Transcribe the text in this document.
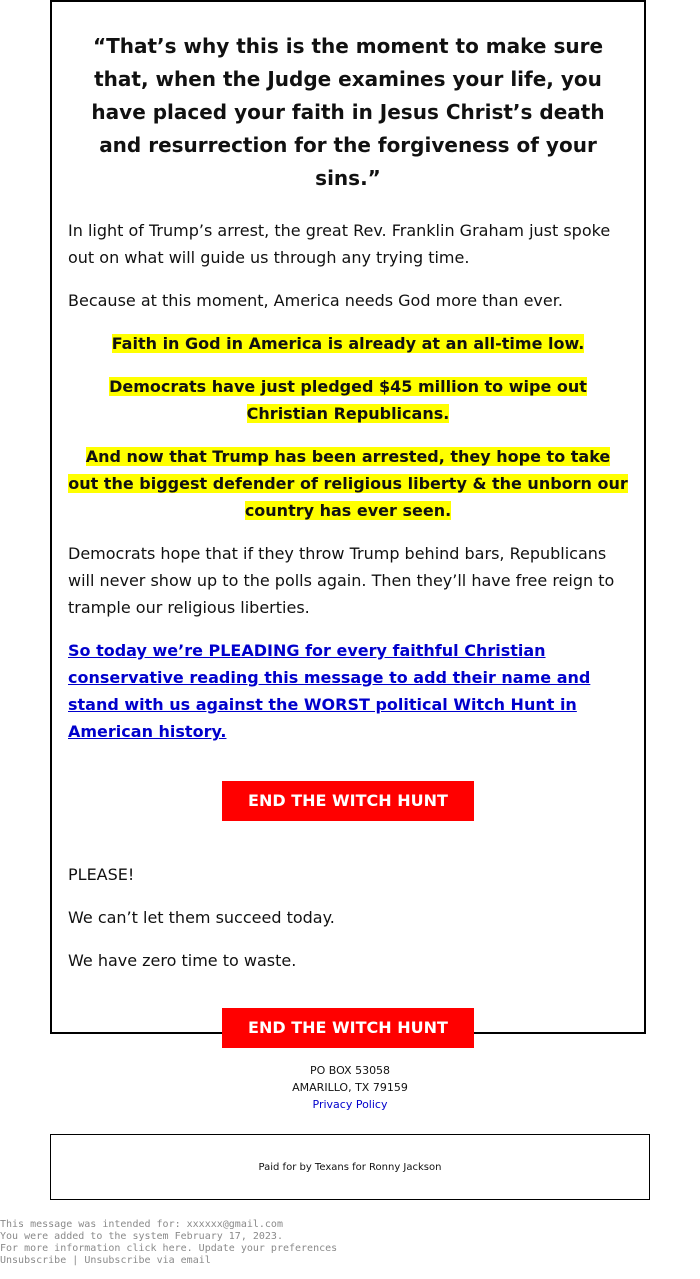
“That’s why this is the moment to make sure that, when the Judge examines your life, you have placed your faith in Jesus Christ’s death and resurrection for the forgiveness of your sins.”

In light of Trump’s arrest, the great Rev. Franklin Graham just spoke out on what will guide us through any trying time.

Because at this moment, America needs God more than ever.

Faith in God in America is already at an all-time low.

Democrats have just pledged $45 million to wipe out Christian Republicans.

And now that Trump has been arrested, they hope to take out the biggest defender of religious liberty & the unborn our country has ever seen.

Democrats hope that if they throw Trump behind bars, Republicans will never show up to the polls again. Then they’ll have free reign to trample our religious liberties.

So today we’re PLEADING for every faithful Christian conservative reading this message to add their name and stand with us against the WORST political Witch Hunt in American history.
END THE WITCH HUNT

PLEASE!

We can’t let them succeed today.

We have zero time to waste.

END THE WITCH HUNT
PO BOX 53058
AMARILLO, TX 79159
Privacy Policy
Paid for by Texans for Ronny Jackson
This message was intended for: xxxxxx@gmail.com
You were added to the system February 17, 2023.
For more information click here. Update your preferences
Unsubscribe | Unsubscribe via email
